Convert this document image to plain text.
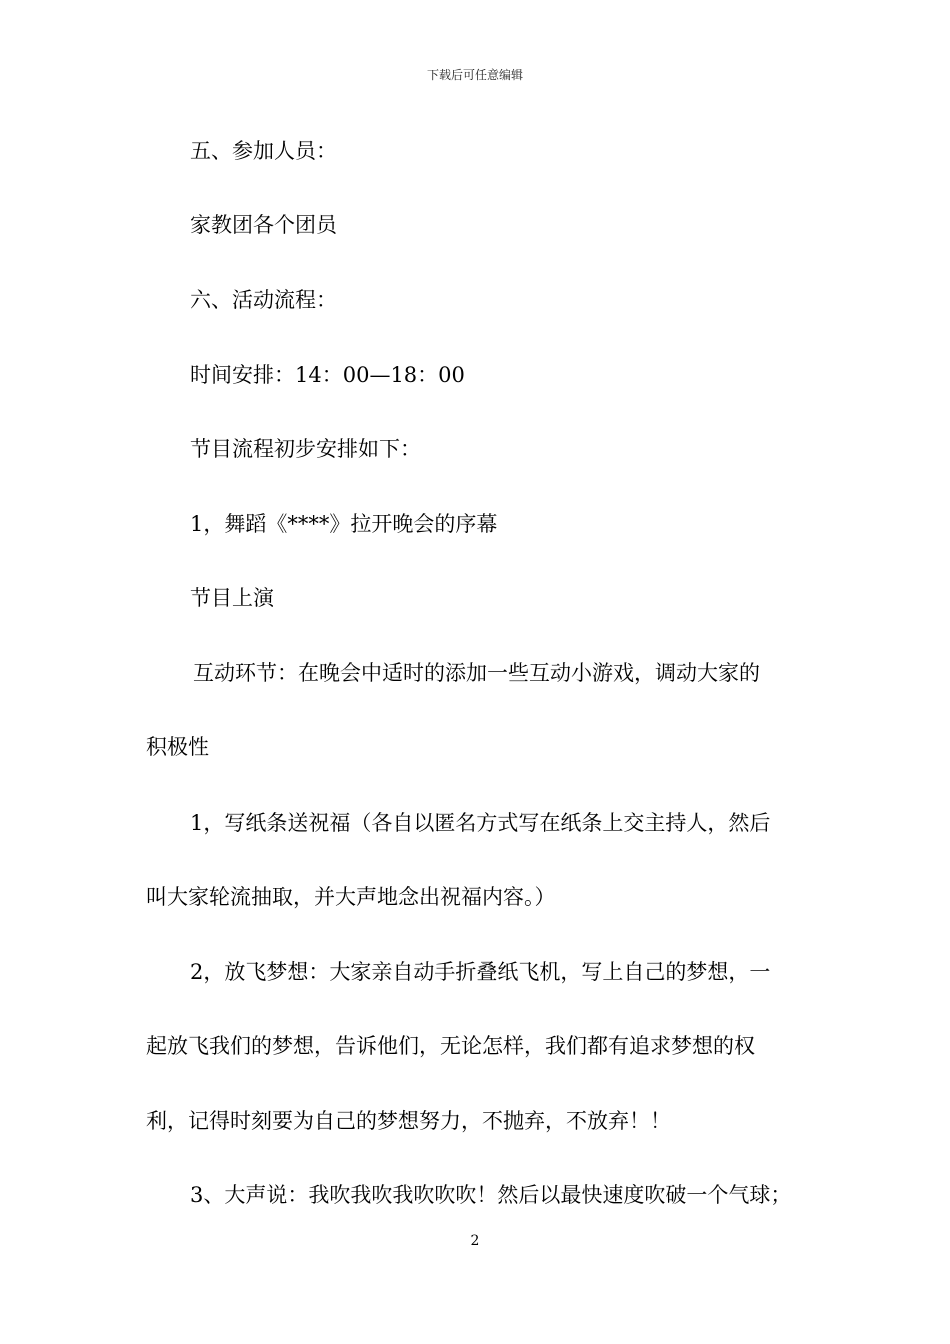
下载后可任意编辑
五、参加人员：
家教团各个团员
六、活动流程：
时间安排：14：00—18：00
节目流程初步安排如下：
1，舞蹈《****》拉开晚会的序幕
节目上演
互动环节：在晚会中适时的添加一些互动小游戏，调动大家的
积极性
1，写纸条送祝福（各自以匿名方式写在纸条上交主持人，然后
叫大家轮流抽取，并大声地念出祝福内容。）
2，放飞梦想：大家亲自动手折叠纸飞机，写上自己的梦想，一
起放飞我们的梦想，告诉他们，无论怎样，我们都有追求梦想的权
利，记得时刻要为自己的梦想努力，不抛弃，不放弃！！
3、大声说：我吹我吹我吹吹吹！然后以最快速度吹破一个气球；
2
